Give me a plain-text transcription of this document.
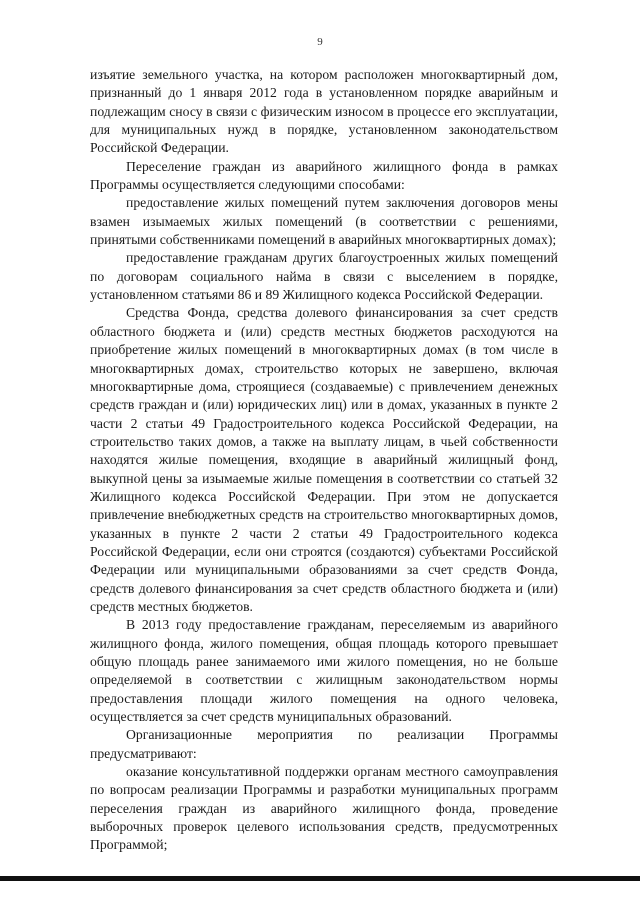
9

изъятие земельного участка, на котором расположен многоквартирный дом, признанный до 1 января 2012 года в установленном порядке аварийным и подлежащим сносу в связи с физическим износом в процессе его эксплуатации, для муниципальных нужд в порядке, установленном законодательством Российской Федерации.

Переселение граждан из аварийного жилищного фонда в рамках Программы осуществляется следующими способами:

предоставление жилых помещений путем заключения договоров мены взамен изымаемых жилых помещений (в соответствии с решениями, принятыми собственниками помещений в аварийных многоквартирных домах);

предоставление гражданам других благоустроенных жилых помещений по договорам социального найма в связи с выселением в порядке, установленном статьями 86 и 89 Жилищного кодекса Российской Федерации.

Средства Фонда, средства долевого финансирования за счет средств областного бюджета и (или) средств местных бюджетов расходуются на приобретение жилых помещений в многоквартирных домах (в том числе в многоквартирных домах, строительство которых не завершено, включая многоквартирные дома, строящиеся (создаваемые) с привлечением денежных средств граждан и (или) юридических лиц) или в домах, указанных в пункте 2 части 2 статьи 49 Градостроительного кодекса Российской Федерации, на строительство таких домов, а также на выплату лицам, в чьей собственности находятся жилые помещения, входящие в аварийный жилищный фонд, выкупной цены за изымаемые жилые помещения в соответствии со статьей 32 Жилищного кодекса Российской Федерации. При этом не допускается привлечение внебюджетных средств на строительство многоквартирных домов, указанных в пункте 2 части 2 статьи 49 Градостроительного кодекса Российской Федерации, если они строятся (создаются) субъектами Российской Федерации или муниципальными образованиями за счет средств Фонда, средств долевого финансирования за счет средств областного бюджета и (или) средств местных бюджетов.

В 2013 году предоставление гражданам, переселяемым из аварийного жилищного фонда, жилого помещения, общая площадь которого превышает общую площадь ранее занимаемого ими жилого помещения, но не больше определяемой в соответствии с жилищным законодательством нормы предоставления площади жилого помещения на одного человека, осуществляется за счет средств муниципальных образований.

Организационные мероприятия по реализации Программы предусматривают:

оказание консультативной поддержки органам местного самоуправления по вопросам реализации Программы и разработки муниципальных программ переселения граждан из аварийного жилищного фонда, проведение выборочных проверок целевого использования средств, предусмотренных Программой;
